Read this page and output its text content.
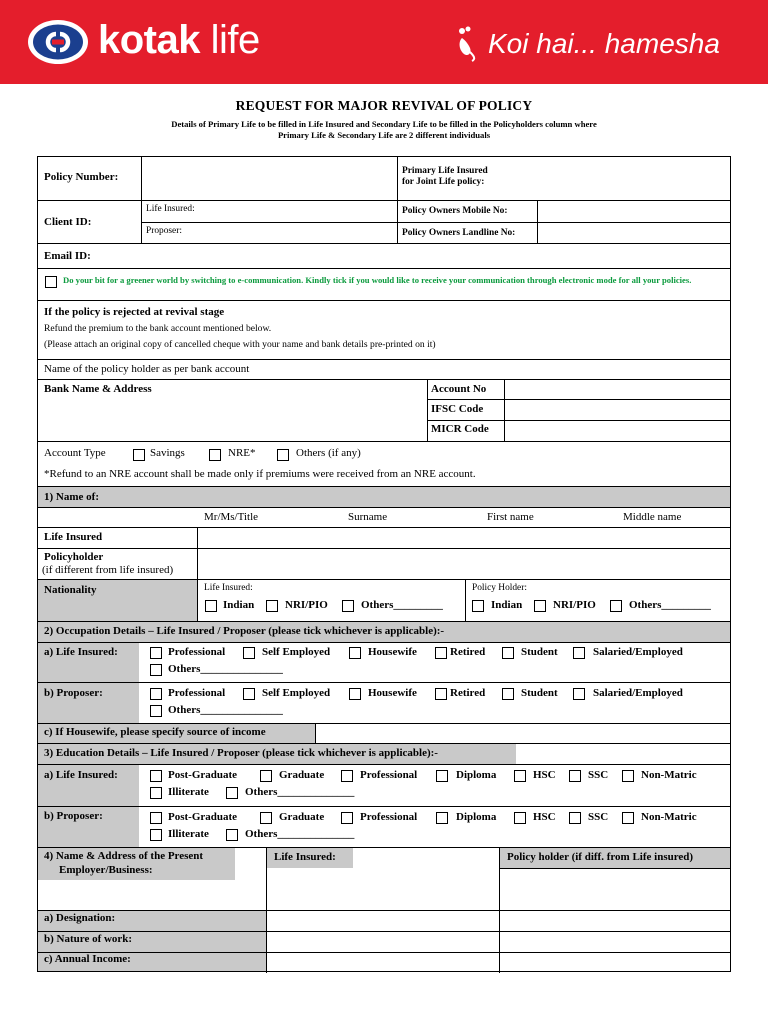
kotak life	Koi hai... hamesha
REQUEST FOR MAJOR REVIVAL OF POLICY
Details of Primary Life to be filled in Life Insured and Secondary Life to be filled in the Policyholders column where
Primary Life & Secondary Life are 2 different individuals
Policy Number:	Primary Life Insured
for Joint Life policy:
Client ID:
Life Insured:
Proposer:
Policy Owners Mobile No:
Policy Owners Landline No:
Email ID:
Do your bit for a greener world by switching to e-communication. Kindly tick if you would like to receive your communication through electronic mode for all your policies.
If the policy is rejected at revival stage
Refund the premium to the bank account mentioned below.
(Please attach an original copy of cancelled cheque with your name and bank details pre-printed on it)
Name of the policy holder as per bank account
Bank Name & Address	Account No
IFSC Code
MICR Code
Account Type	Savings	NRE*	Others (if any)
*Refund to an NRE account shall be made only if premiums were received from an NRE account.
1) Name of:
Mr/Ms/Title	Surname	First name	Middle name
Life Insured
Policyholder
(if different from life insured)
Nationality	Life Insured:	Policy Holder:
Indian	NRI/PIO	Others_________	Indian	NRI/PIO	Others_________
2) Occupation Details – Life Insured / Proposer (please tick whichever is applicable):-
a) Life Insured:	Professional	Self Employed	Housewife	Retired	Student	Salaried/Employed
Others_______________
b) Proposer:	Professional	Self Employed	Housewife	Retired	Student	Salaried/Employed
Others_______________
c) If Housewife, please specify source of income
3) Education Details – Life Insured / Proposer (please tick whichever is applicable):-
a) Life Insured:	Post-Graduate	Graduate	Professional	Diploma	HSC	SSC	Non-Matric
Illiterate	Others______________
b) Proposer:	Post-Graduate	Graduate	Professional	Diploma	HSC	SSC	Non-Matric
Illiterate	Others______________
4) Name & Address of the Present
Employer/Business:
Life Insured:	Policy holder (if diff. from Life insured)
a) Designation:
b) Nature of work:
c) Annual Income:
